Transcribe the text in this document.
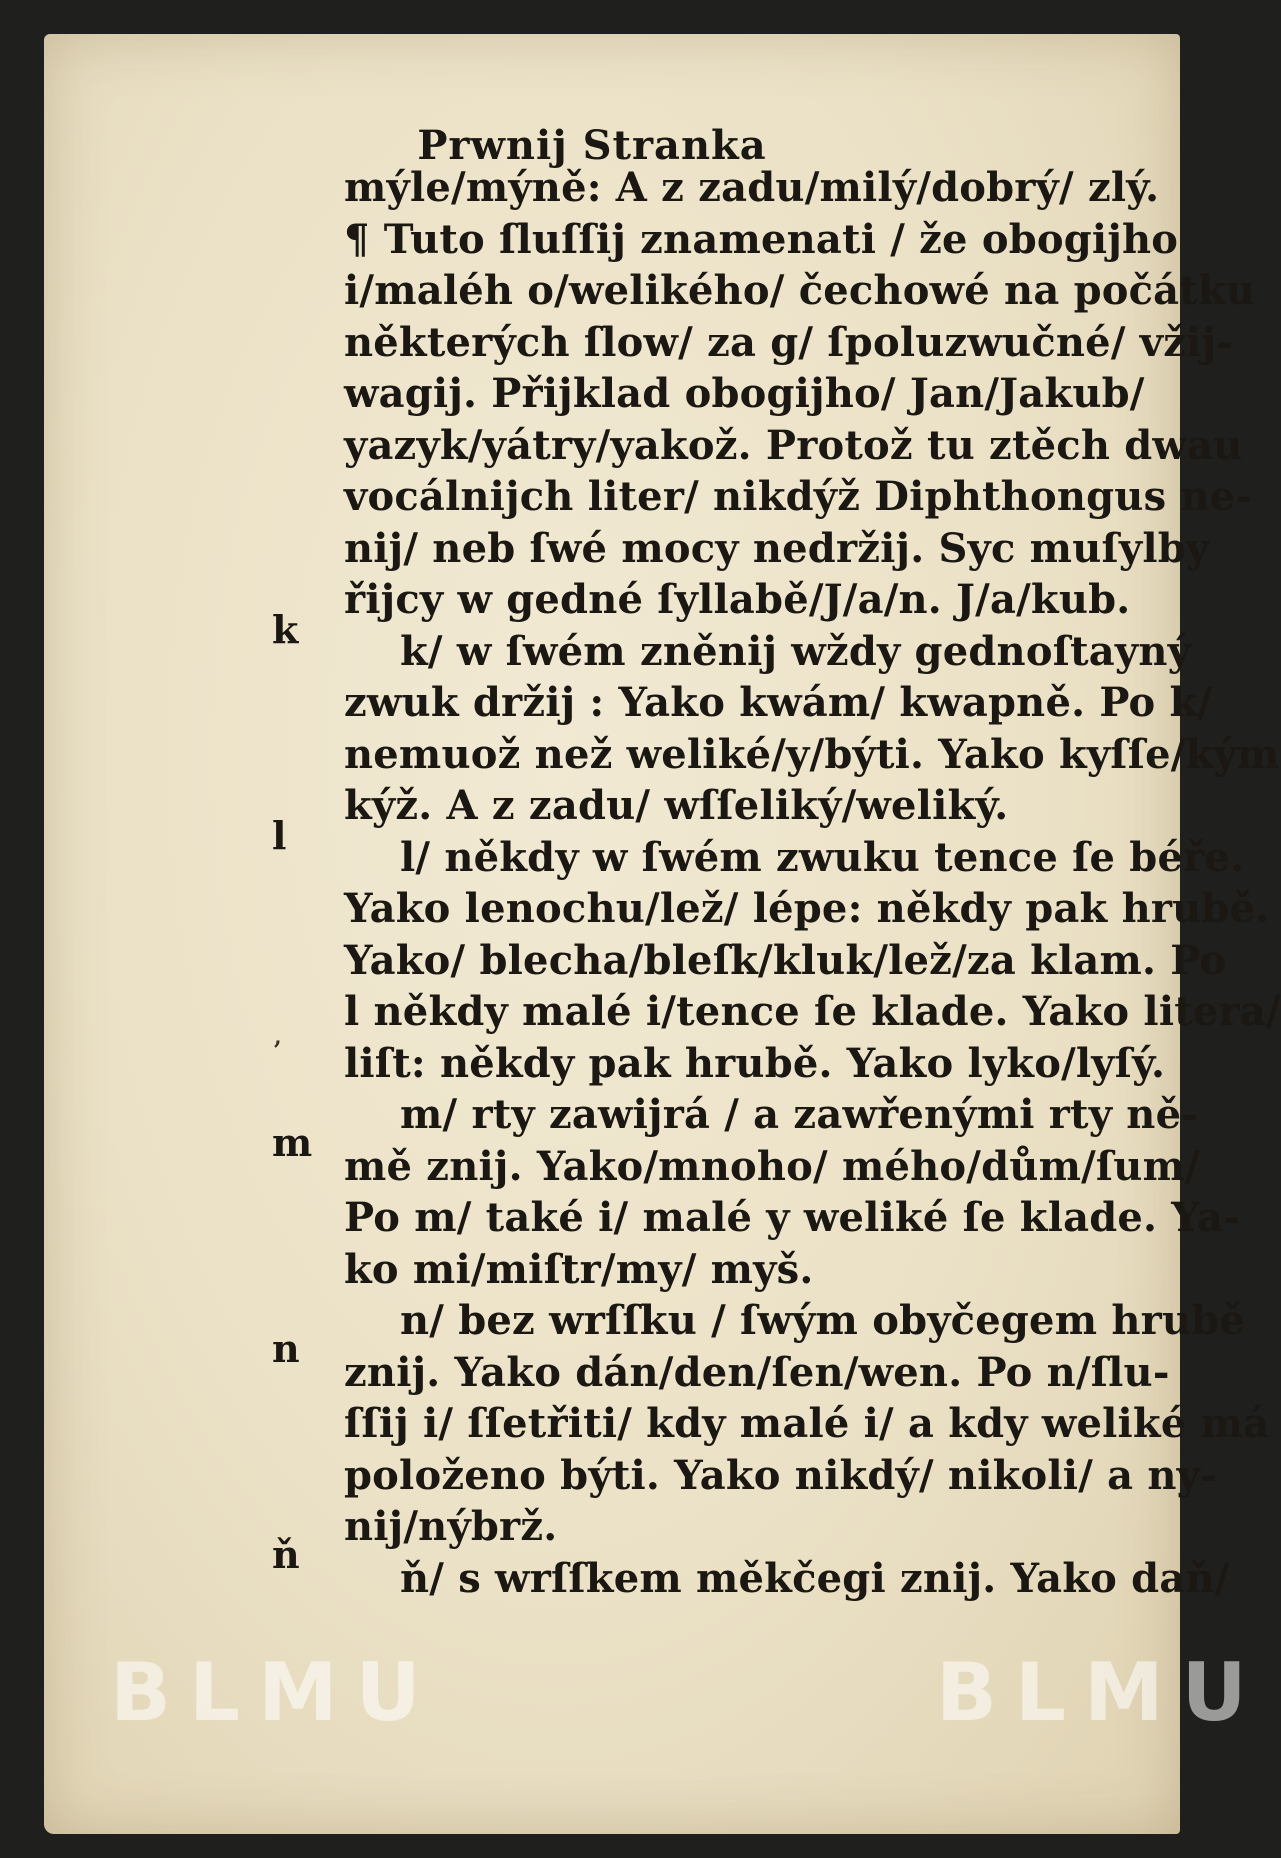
Prwnij Stranka
mýle/mýně: A z zadu/milý/dobrý/ zlý.
¶ Tuto ſluſſij znamenati / že obogijho
i/maléh o/welikého/ čechowé na počátku
některých ſlow/ za g/ ſpoluzwučné/ vžij-
wagij. Přijklad obogijho/ Jan/Jakub/
yazyk/yátry/yakož. Protož tu ztěch dwau
vocálnijch liter/ nikdýž Diphthongus ne-
nij/ neb ſwé mocy nedržij. Syc muſylby
řijcy w gedné ſyllabě/J/a/n. J/a/kub.
k/ w ſwém zněnij wždy gednoſtayný
zwuk držij : Yako kwám/ kwapně. Po k/
nemuož než weliké/y/býti. Yako kyſſe/kým
kýž. A z zadu/ wſſeliký/weliký.
l/ někdy w ſwém zwuku tence ſe béře.
Yako lenochu/lež/ lépe: někdy pak hrubě.
Yako/ blecha/bleſk/kluk/lež/za klam. Po
l někdy malé i/tence ſe klade. Yako litera/
liſt: někdy pak hrubě. Yako lyko/lyſý.
m/ rty zawijrá / a zawřenými rty ně-
mě znij. Yako/mnoho/ mého/dům/ſum/
Po m/ také i/ malé y weliké ſe klade. Ya-
ko mi/miſtr/my/ myš.
n/ bez wrſſku / ſwým obyčegem hrubě
znij. Yako dán/den/ſen/wen. Po n/ſlu-
ſſij i/ ſſetřiti/ kdy malé i/ a kdy weliké má
položeno býti. Yako nikdý/ nikoli/ a ny-
nij/nýbrž.
ň/ s wrſſkem měkčegi znij. Yako daň/
k
l
,
m
n
ň
BLMU	BLMU
